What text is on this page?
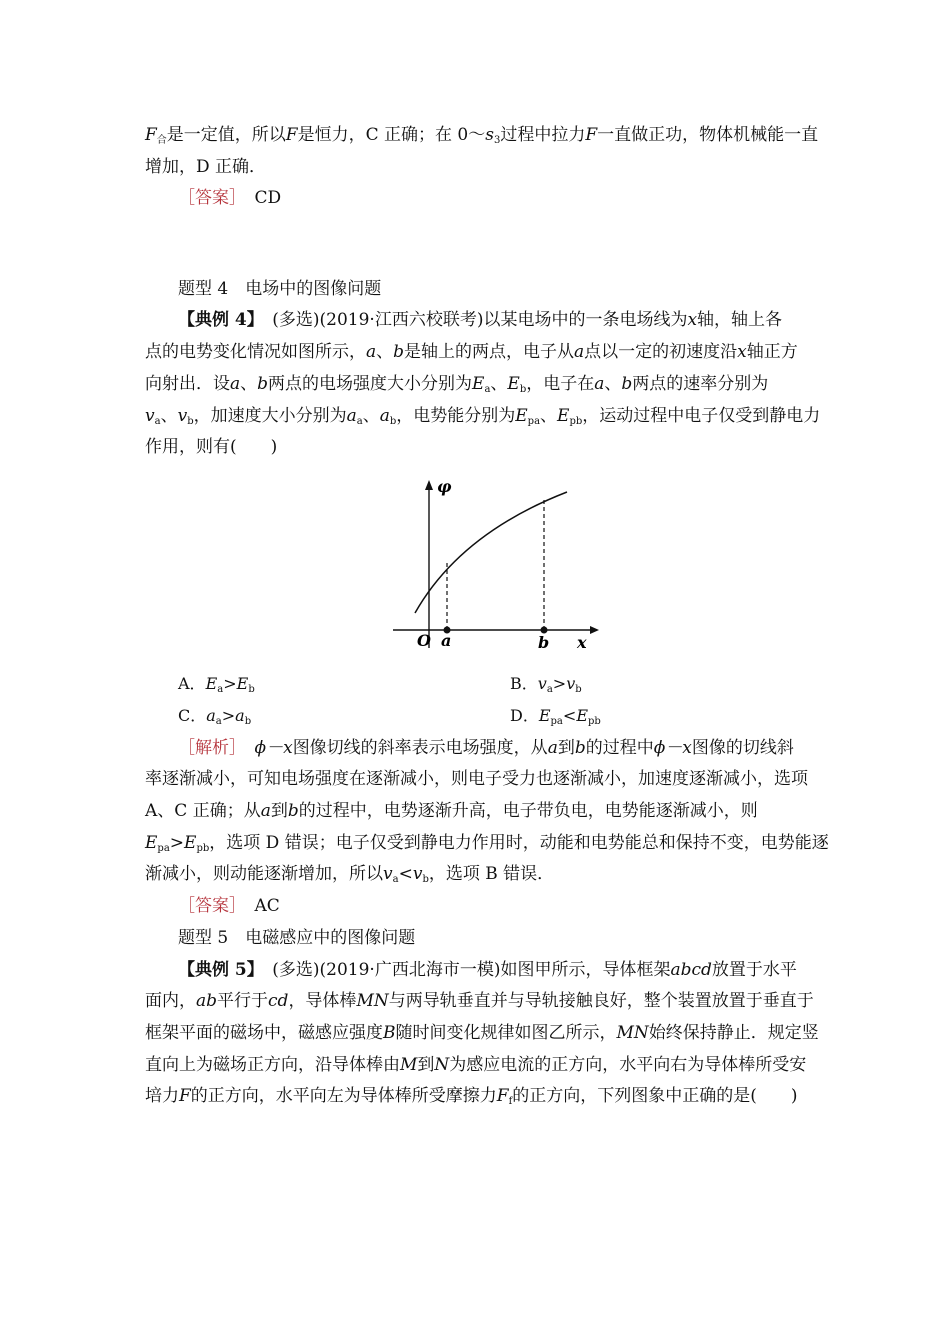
$F_合$是一定值，所以F是恒力，C 正确；在 $0\sim s_3$过程中拉力F一直做正功，物体机械能一直
增加，D 正确．
［答案］　 CD
题型 4　电场中的图像问题
【典例 4】　(多选)(2019·江西六校联考)以某电场中的一条电场线为x轴，轴上各
点的电势变化情况如图所示，a、b是轴上的两点，电子从a点以一定的初速度沿x轴正方
向射出．设a、b两点的电场强度大小分别为$E_a$、$E_b$，电子在a、b两点的速率分别为
$v_a$、$v_b$，加速度大小分别为$a_a$、$a_b$，电势能分别为$E_{pa}$、$E_{pb}$，运动过程中电子仅受到静电力
作用，则有(　　)
φ
O a	b x
A．$E_a>E_b$	B．$v_a>v_b$
C．$a_a>a_b$	D．$E_{pa}<E_{pb}$
［解析］　 ϕ－x图像切线的斜率表示电场强度，从a到b的过程中ϕ－x图像的切线斜
率逐渐减小，可知电场强度在逐渐减小，则电子受力也逐渐减小，加速度逐渐减小，选项
A、C 正确；从a到b的过程中，电势逐渐升高，电子带负电，电势能逐渐减小，则
$E_{pa}>E_{pb}$，选项 D 错误；电子仅受到静电力作用时，动能和电势能总和保持不变，电势能逐
渐减小，则动能逐渐增加，所以$v_a<v_b$，选项 B 错误．
［答案］　 AC
题型 5　电磁感应中的图像问题
【典例 5】　(多选)(2019·广西北海市一模)如图甲所示，导体框架abcd放置于水平
面内，ab平行于cd，导体棒MN与两导轨垂直并与导轨接触良好，整个装置放置于垂直于
框架平面的磁场中，磁感应强度B随时间变化规律如图乙所示，MN始终保持静止．规定竖
直向上为磁场正方向，沿导体棒由M到N为感应电流的正方向，水平向右为导体棒所受安
培力F的正方向，水平向左为导体棒所受摩擦力$F_f$的正方向，下列图象中正确的是(　　)
